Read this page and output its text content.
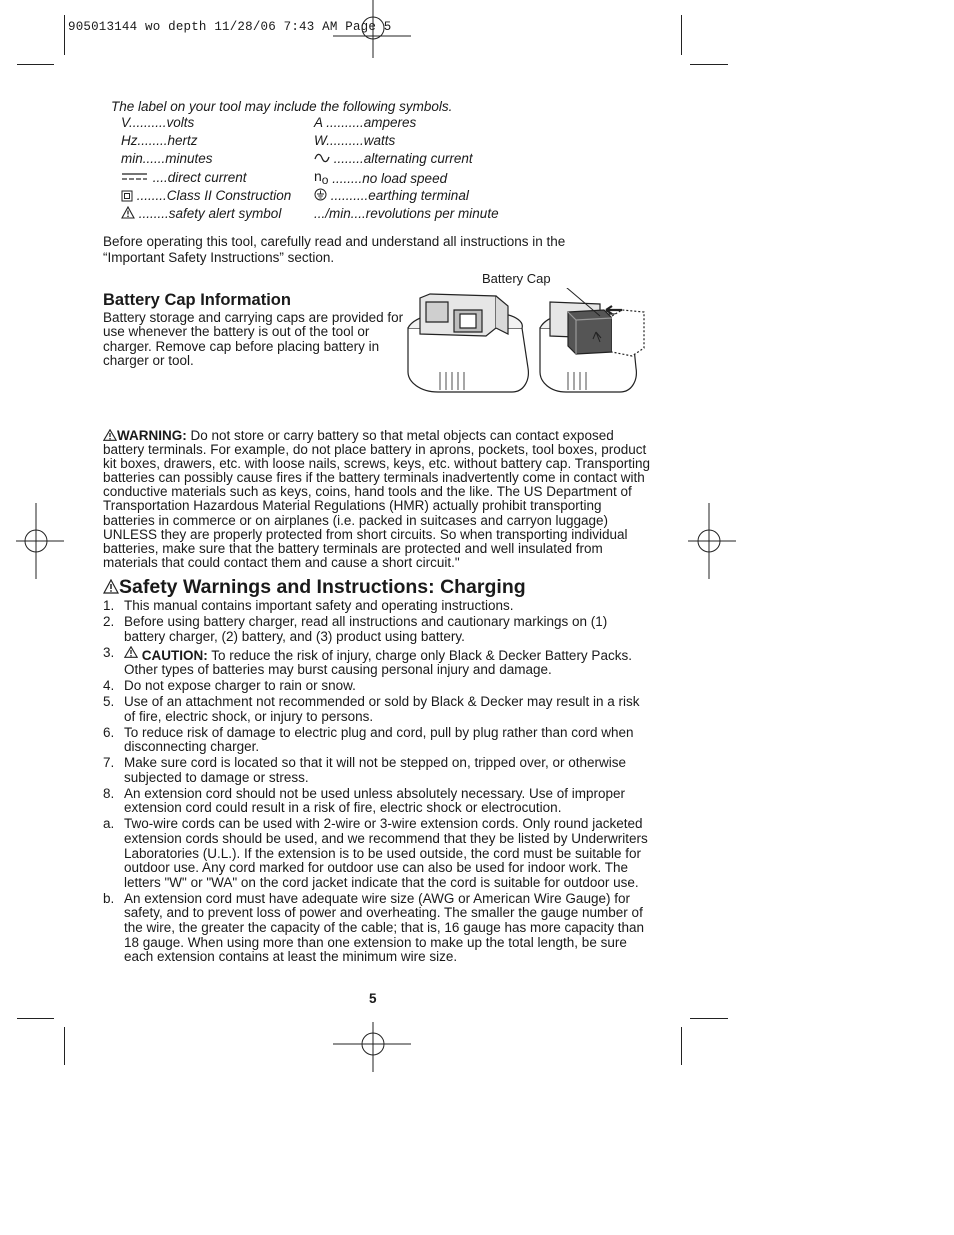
905013144 wo depth 11/28/06 7:43 AM Page 5
The label on your tool may include the following symbols.
V..........volts
Hz........hertz
min......minutes
....direct current
........Class II Construction
........safety alert symbol
A ..........amperes
W..........watts
........alternating current
no ........no load speed
..........earthing terminal
.../min....revolutions per minute
Before operating this tool, carefully read and understand all instructions in the “Important Safety Instructions” section.
Battery Cap Information
Battery storage and carrying caps are provided for use whenever the battery is out of the tool or charger. Remove cap before placing battery in charger or tool.
Battery Cap
WARNING: Do not store or carry battery so that metal objects can contact exposed battery terminals. For example, do not place battery in aprons, pockets, tool boxes, product kit boxes, drawers, etc. with loose nails, screws, keys, etc. without battery cap. Transporting batteries can possibly cause fires if the battery terminals inadvertently come in contact with conductive materials such as keys, coins, hand tools and the like. The US Department of Transportation Hazardous Material Regulations (HMR) actually prohibit transporting batteries in commerce or on airplanes (i.e. packed in suitcases and carryon luggage) UNLESS they are properly protected from short circuits. So when transporting individual batteries, make sure that the battery terminals are protected and well insulated from materials that could contact them and cause a short circuit."
Safety Warnings and Instructions: Charging
1. This manual contains important safety and operating instructions.
2. Before using battery charger, read all instructions and cautionary markings on (1) battery charger, (2) battery, and (3) product using battery.
3. CAUTION: To reduce the risk of injury, charge only Black & Decker Battery Packs. Other types of batteries may burst causing personal injury and damage.
4. Do not expose charger to rain or snow.
5. Use of an attachment not recommended or sold by Black & Decker may result in a risk of fire, electric shock, or injury to persons.
6. To reduce risk of damage to electric plug and cord, pull by plug rather than cord when disconnecting charger.
7. Make sure cord is located so that it will not be stepped on, tripped over, or otherwise subjected to damage or stress.
8. An extension cord should not be used unless absolutely necessary. Use of improper extension cord could result in a risk of fire, electric shock or electrocution.
a. Two-wire cords can be used with 2-wire or 3-wire extension cords. Only round jacketed extension cords should be used, and we recommend that they be listed by Underwriters Laboratories (U.L.). If the extension is to be used outside, the cord must be suitable for outdoor use. Any cord marked for outdoor use can also be used for indoor work. The letters "W" or "WA" on the cord jacket indicate that the cord is suitable for outdoor use.
b. An extension cord must have adequate wire size (AWG or American Wire Gauge) for safety, and to prevent loss of power and overheating. The smaller the gauge number of the wire, the greater the capacity of the cable; that is, 16 gauge has more capacity than 18 gauge. When using more than one extension to make up the total length, be sure each extension contains at least the minimum wire size.
5
